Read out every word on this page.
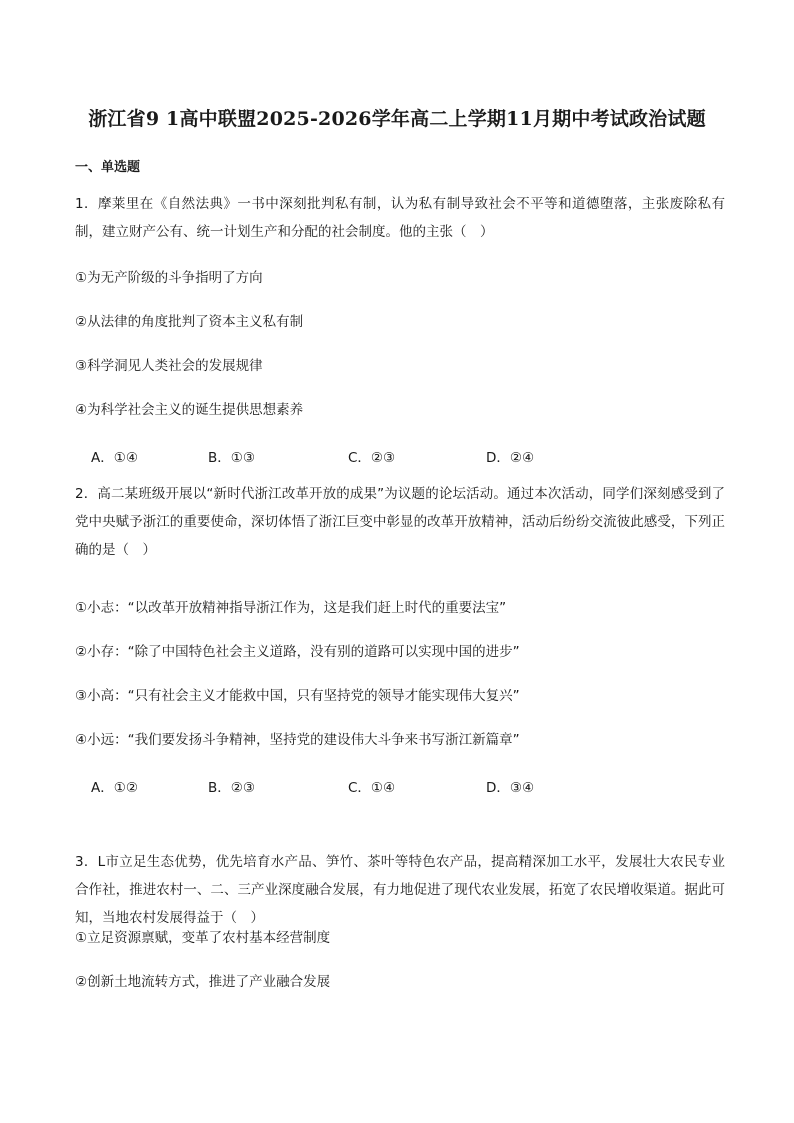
浙江省9 1高中联盟2025-2026学年高二上学期11月期中考试政治试题
一、单选题

1．摩莱里在《自然法典》一书中深刻批判私有制，认为私有制导致社会不平等和道德堕落，主张废除私有制，建立财产公有、统一计划生产和分配的社会制度。他的主张（　）

①为无产阶级的斗争指明了方向

②从法律的角度批判了资本主义私有制

③科学洞见人类社会的发展规律

④为科学社会主义的诞生提供思想素养

A．①④	B．①③	C．②③	D．②④

2．高二某班级开展以“新时代浙江改革开放的成果”为议题的论坛活动。通过本次活动，同学们深刻感受到了党中央赋予浙江的重要使命，深切体悟了浙江巨变中彰显的改革开放精神，活动后纷纷交流彼此感受，下列正确的是（　）

①小志：“以改革开放精神指导浙江作为，这是我们赶上时代的重要法宝”

②小存：“除了中国特色社会主义道路，没有别的道路可以实现中国的进步”

③小高：“只有社会主义才能救中国，只有坚持党的领导才能实现伟大复兴”

④小远：“我们要发扬斗争精神，坚持党的建设伟大斗争来书写浙江新篇章”

A．①②	B．②③	C．①④	D．③④

3．L市立足生态优势，优先培育水产品、笋竹、茶叶等特色农产品，提高精深加工水平，发展壮大农民专业合作社，推进农村一、二、三产业深度融合发展，有力地促进了现代农业发展，拓宽了农民增收渠道。据此可知，当地农村发展得益于（　）

①立足资源禀赋，变革了农村基本经营制度

②创新土地流转方式，推进了产业融合发展
